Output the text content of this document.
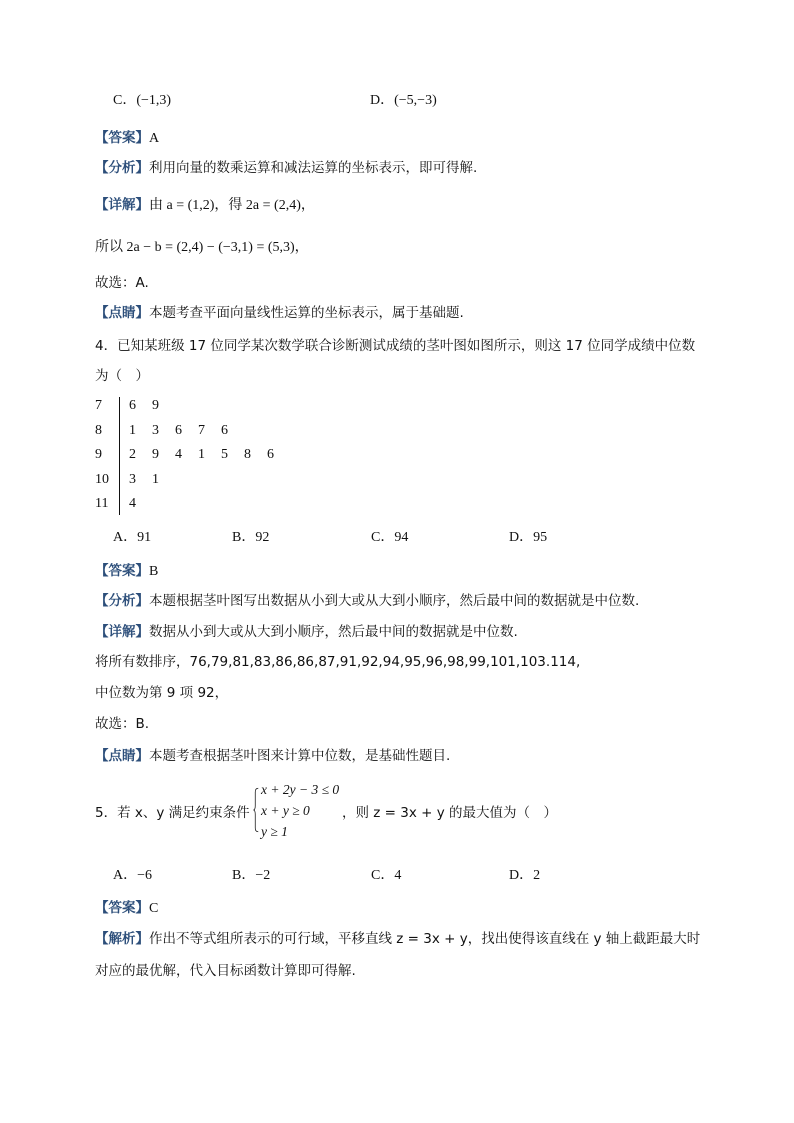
C．(−1,3)	D．(−5,−3)
【答案】A
【分析】利用向量的数乘运算和减法运算的坐标表示，即可得解.
【详解】由 a = (1,2)，得 2a = (2,4)，
所以 2a − b = (2,4) − (−3,1) = (5,3)，
故选：A.
【点睛】本题考查平面向量线性运算的坐标表示，属于基础题.
4．已知某班级 17 位同学某次数学联合诊断测试成绩的茎叶图如图所示，则这 17 位同学成绩中位数
为（　）
7	6	9
8	1	3	6	7	6
9	2	9	4	1	5	8	6
10	3	1
11	4
A．91	B．92	C．94	D．95
【答案】B
【分析】本题根据茎叶图写出数据从小到大或从大到小顺序，然后最中间的数据就是中位数.
【详解】数据从小到大或从大到小顺序，然后最中间的数据就是中位数.
将所有数排序，76,79,81,83,86,86,87,91,92,94,95,96,98,99,101,103.114,
中位数为第 9 项 92，
故选：B.
【点睛】本题考查根据茎叶图来计算中位数，是基础性题目.
5．若 x、y 满足约束条件
x + 2y − 3 ≤ 0
x + y ≥ 0
y ≥ 1
，则 z = 3x + y 的最大值为（　）
A．−6	B．−2	C．4	D．2
【答案】C
【解析】作出不等式组所表示的可行域，平移直线 z = 3x + y，找出使得该直线在 y 轴上截距最大时
对应的最优解，代入目标函数计算即可得解.
